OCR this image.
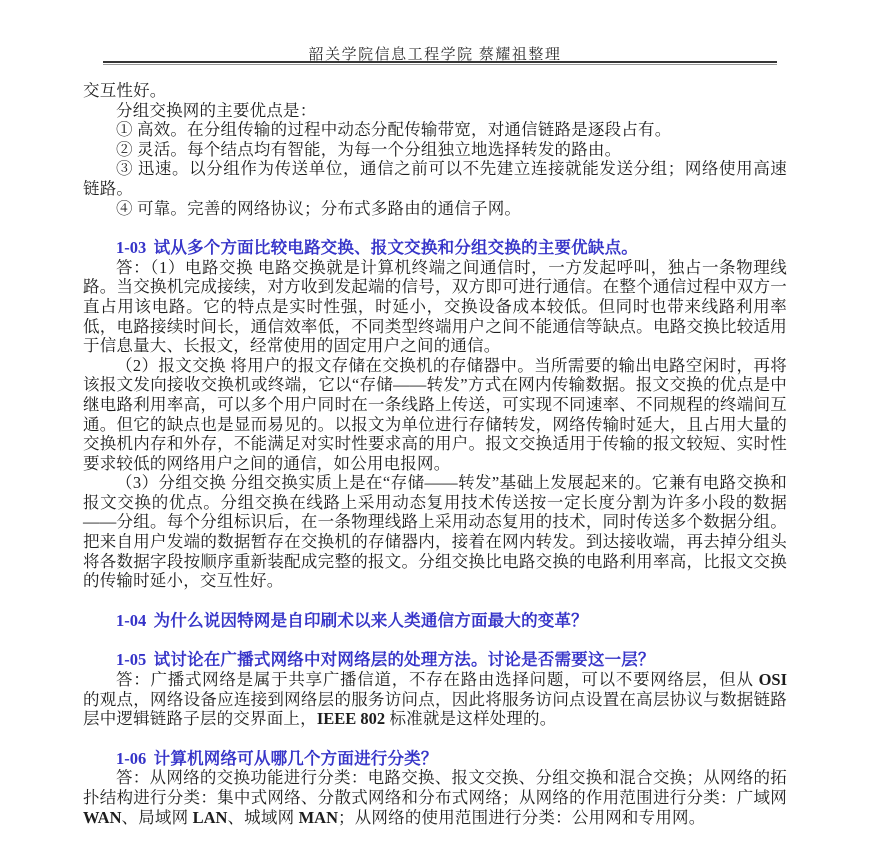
韶关学院信息工程学院 蔡耀祖整理

交互性好。

分组交换网的主要优点是：

① 高效。在分组传输的过程中动态分配传输带宽，对通信链路是逐段占有。

② 灵活。每个结点均有智能，为每一个分组独立地选择转发的路由。

③ 迅速。以分组作为传送单位，通信之前可以不先建立连接就能发送分组；网络使用高速链路。

④ 可靠。完善的网络协议；分布式多路由的通信子网。

1-03 试从多个方面比较电路交换、报文交换和分组交换的主要优缺点。

答：（1）电路交换 电路交换就是计算机终端之间通信时，一方发起呼叫，独占一条物理线路。当交换机完成接续，对方收到发起端的信号，双方即可进行通信。在整个通信过程中双方一直占用该电路。它的特点是实时性强，时延小，交换设备成本较低。但同时也带来线路利用率低，电路接续时间长，通信效率低，不同类型终端用户之间不能通信等缺点。电路交换比较适用于信息量大、长报文，经常使用的固定用户之间的通信。

（2）报文交换 将用户的报文存储在交换机的存储器中。当所需要的输出电路空闲时，再将该报文发向接收交换机或终端，它以“存储——转发”方式在网内传输数据。报文交换的优点是中继电路利用率高，可以多个用户同时在一条线路上传送，可实现不同速率、不同规程的终端间互通。但它的缺点也是显而易见的。以报文为单位进行存储转发，网络传输时延大，且占用大量的交换机内存和外存，不能满足对实时性要求高的用户。报文交换适用于传输的报文较短、实时性要求较低的网络用户之间的通信，如公用电报网。

（3）分组交换 分组交换实质上是在“存储——转发”基础上发展起来的。它兼有电路交换和报文交换的优点。分组交换在线路上采用动态复用技术传送按一定长度分割为许多小段的数据——分组。每个分组标识后，在一条物理线路上采用动态复用的技术，同时传送多个数据分组。把来自用户发端的数据暂存在交换机的存储器内，接着在网内转发。到达接收端，再去掉分组头将各数据字段按顺序重新装配成完整的报文。分组交换比电路交换的电路利用率高，比报文交换的传输时延小，交互性好。

1-04 为什么说因特网是自印刷术以来人类通信方面最大的变革？

1-05 试讨论在广播式网络中对网络层的处理方法。讨论是否需要这一层？

答：广播式网络是属于共享广播信道，不存在路由选择问题，可以不要网络层，但从 OSI 的观点，网络设备应连接到网络层的服务访问点，因此将服务访问点设置在高层协议与数据链路层中逻辑链路子层的交界面上，IEEE 802 标准就是这样处理的。

1-06 计算机网络可从哪几个方面进行分类？

答：从网络的交换功能进行分类：电路交换、报文交换、分组交换和混合交换；从网络的拓扑结构进行分类：集中式网络、分散式网络和分布式网络；从网络的作用范围进行分类：广域网 WAN、局域网 LAN、城域网 MAN；从网络的使用范围进行分类：公用网和专用网。
